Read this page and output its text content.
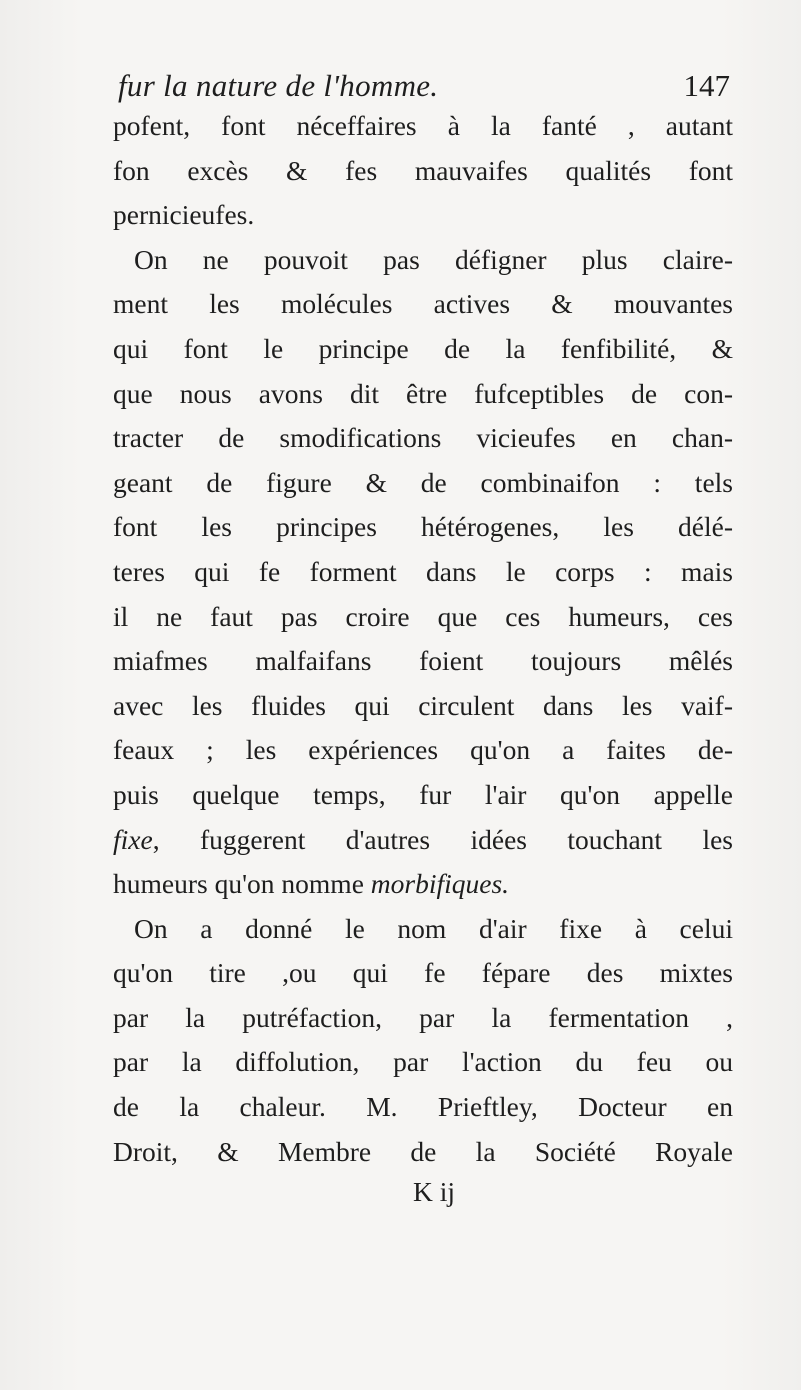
fur la nature de l'homme.	147
pofent, font néceffaires à la fanté , autant
fon excès & fes mauvaifes qualités font
pernicieufes.
On ne pouvoit pas défigner plus claire-
ment les molécules actives & mouvantes
qui font le principe de la fenfibilité, &
que nous avons dit être fufceptibles de con-
tracter de smodifications vicieufes en chan-
geant de figure & de combinaifon : tels
font les principes hétérogenes, les délé-
teres qui fe forment dans le corps : mais
il ne faut pas croire que ces humeurs, ces
miafmes malfaifans foient toujours mêlés
avec les fluides qui circulent dans les vaif-
feaux ; les expériences qu'on a faites de-
puis quelque temps, fur l'air qu'on appelle
fixe, fuggerent d'autres idées touchant les
humeurs qu'on nomme morbifiques.
On a donné le nom d'air fixe à celui
qu'on tire ,ou qui fe fépare des mixtes
par la putréfaction, par la fermentation ,
par la diffolution, par l'action du feu ou
de la chaleur. M. Prieftley, Docteur en
Droit, & Membre de la Société Royale
K ij
